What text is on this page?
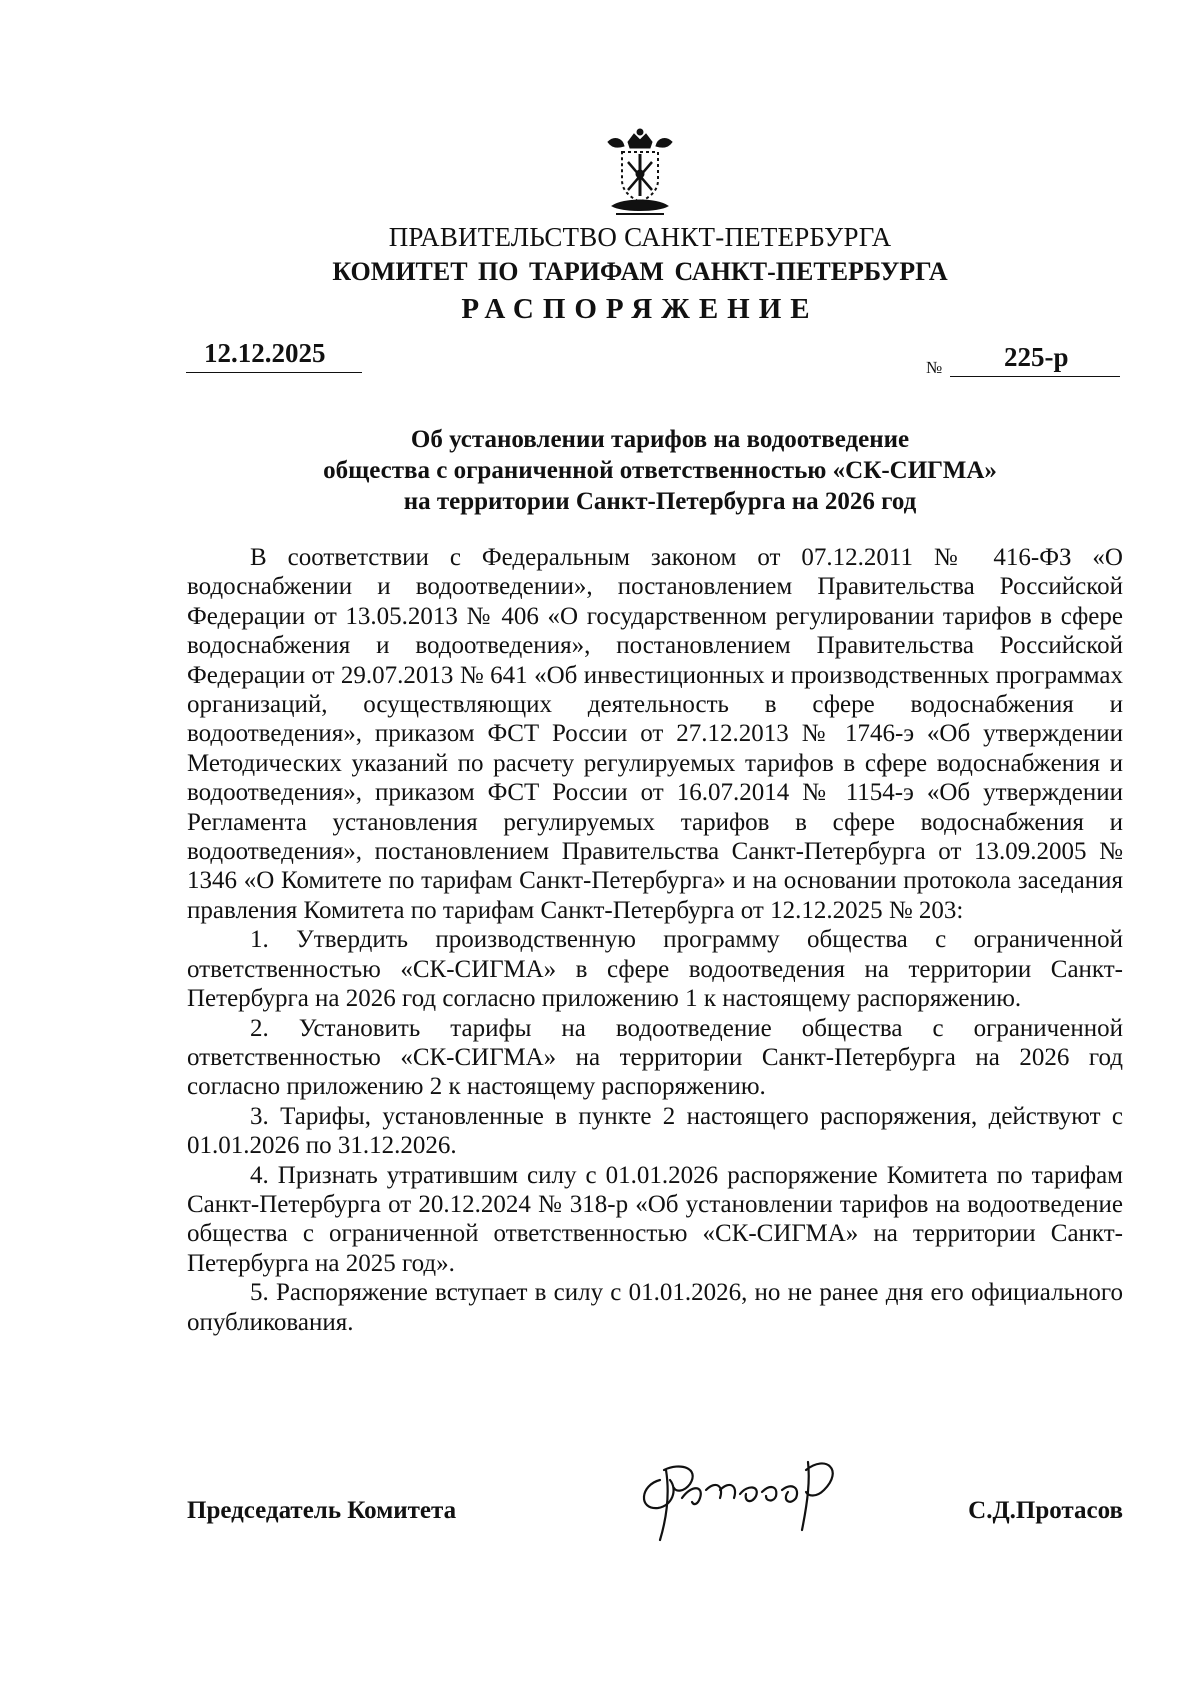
ПРАВИТЕЛЬСТВО САНКТ-ПЕТЕРБУРГА
КОМИТЕТ ПО ТАРИФАМ САНКТ-ПЕТЕРБУРГА
РАСПОРЯЖЕНИЕ
12.12.2025	№ 225-р
Об установлении тарифов на водоотведение
общества с ограниченной ответственностью «СК-СИГМА»
на территории Санкт-Петербурга на 2026 год

В соответствии с Федеральным законом от 07.12.2011 № 416-ФЗ «О водоснабжении и водоотведении», постановлением Правительства Российской Федерации от 13.05.2013 № 406 «О государственном регулировании тарифов в сфере водоснабжения и водоотведения», постановлением Правительства Российской Федерации от 29.07.2013 № 641 «Об инвестиционных и производственных программах организаций, осуществляющих деятельность в сфере водоснабжения и водоотведения», приказом ФСТ России от 27.12.2013 № 1746-э «Об утверждении Методических указаний по расчету регулируемых тарифов в сфере водоснабжения и водоотведения», приказом ФСТ России от 16.07.2014 № 1154-э «Об утверждении Регламента установления регулируемых тарифов в сфере водоснабжения и водоотведения», постановлением Правительства Санкт-Петербурга от 13.09.2005 № 1346 «О Комитете по тарифам Санкт-Петербурга» и на основании протокола заседания правления Комитета по тарифам Санкт-Петербурга от 12.12.2025 № 203:

1. Утвердить производственную программу общества с ограниченной ответственностью «СК-СИГМА» в сфере водоотведения на территории Санкт-Петербурга на 2026 год согласно приложению 1 к настоящему распоряжению.

2. Установить тарифы на водоотведение общества с ограниченной ответственностью «СК-СИГМА» на территории Санкт-Петербурга на 2026 год согласно приложению 2 к настоящему распоряжению.

3. Тарифы, установленные в пункте 2 настоящего распоряжения, действуют с 01.01.2026 по 31.12.2026.

4. Признать утратившим силу с 01.01.2026 распоряжение Комитета по тарифам Санкт-Петербурга от 20.12.2024 № 318-р «Об установлении тарифов на водоотведение общества с ограниченной ответственностью «СК-СИГМА» на территории Санкт-Петербурга на 2025 год».

5. Распоряжение вступает в силу с 01.01.2026, но не ранее дня его официального опубликования.

Председатель Комитета	С.Д.Протасов
